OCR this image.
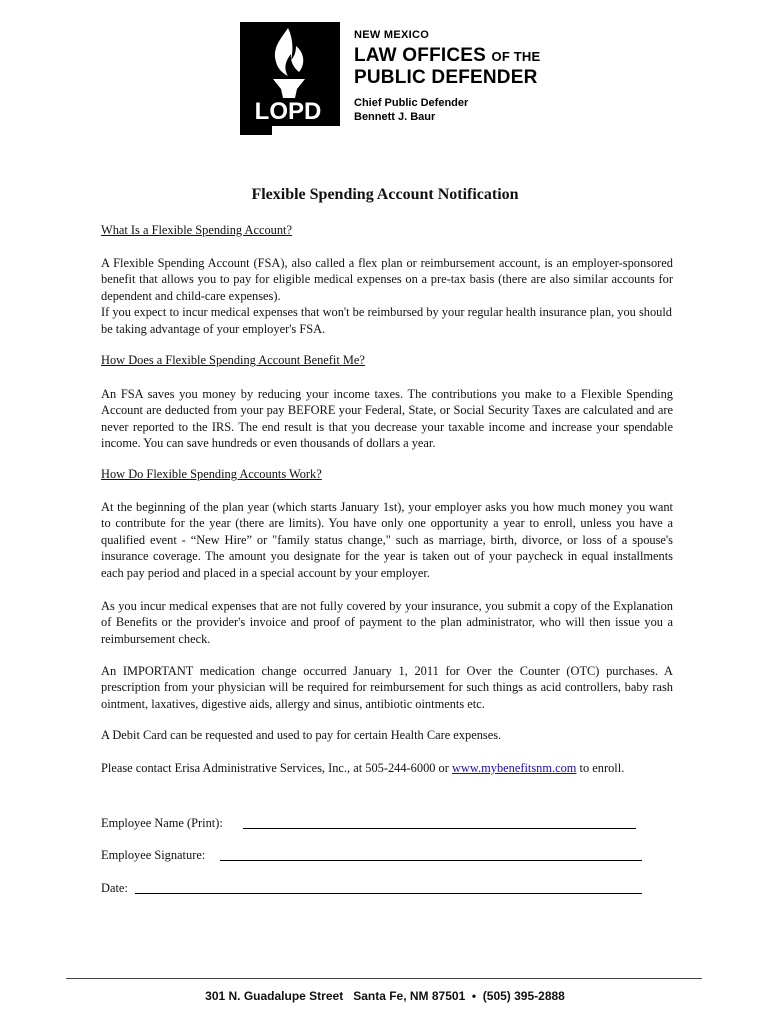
LOPD
NEW MEXICO
LAW OFFICES OF THE
PUBLIC DEFENDER
Chief Public Defender
Bennett J. Baur
Flexible Spending Account Notification
What Is a Flexible Spending Account?
A Flexible Spending Account (FSA), also called a flex plan or reimbursement account, is an employer-sponsored benefit that allows you to pay for eligible medical expenses on a pre-tax basis (there are also similar accounts for dependent and child-care expenses).
If you expect to incur medical expenses that won't be reimbursed by your regular health insurance plan, you should be taking advantage of your employer's FSA.
How Does a Flexible Spending Account Benefit Me?
An FSA saves you money by reducing your income taxes. The contributions you make to a Flexible Spending Account are deducted from your pay BEFORE your Federal, State, or Social Security Taxes are calculated and are never reported to the IRS. The end result is that you decrease your taxable income and increase your spendable income. You can save hundreds or even thousands of dollars a year.
How Do Flexible Spending Accounts Work?
At the beginning of the plan year (which starts January 1st), your employer asks you how much money you want to contribute for the year (there are limits). You have only one opportunity a year to enroll, unless you have a qualified event - “New Hire” or "family status change," such as marriage, birth, divorce, or loss of a spouse's insurance coverage. The amount you designate for the year is taken out of your paycheck in equal installments each pay period and placed in a special account by your employer.
As you incur medical expenses that are not fully covered by your insurance, you submit a copy of the Explanation of Benefits or the provider's invoice and proof of payment to the plan administrator, who will then issue you a reimbursement check.
An IMPORTANT medication change occurred January 1, 2011 for Over the Counter (OTC) purchases. A prescription from your physician will be required for reimbursement for such things as acid controllers, baby rash ointment, laxatives, digestive aids, allergy and sinus, antibiotic ointments etc.
A Debit Card can be requested and used to pay for certain Health Care expenses.
Please contact Erisa Administrative Services, Inc., at 505-244-6000 or www.mybenefitsnm.com to enroll.
Employee Name (Print):
Employee Signature:
Date:
301 N. Guadalupe Street   Santa Fe, NM 87501  •  (505) 395-2888
